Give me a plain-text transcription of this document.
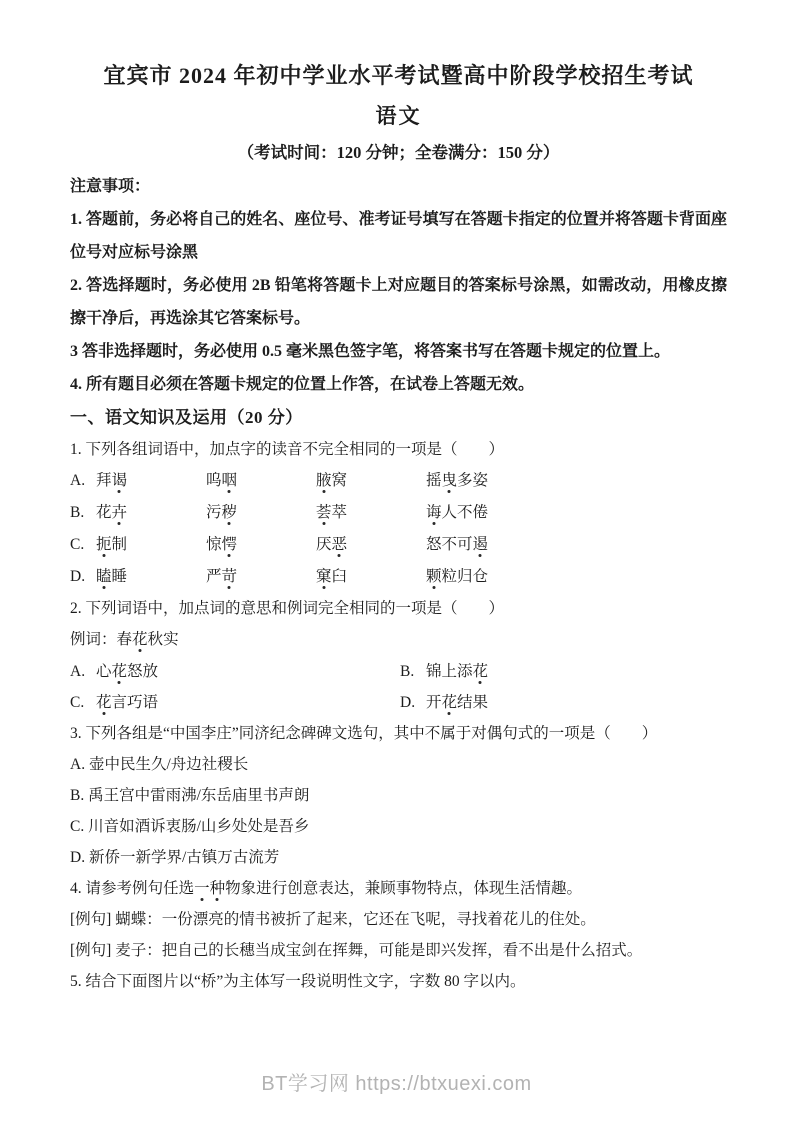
宜宾市 2024 年初中学业水平考试暨高中阶段学校招生考试
语文

（考试时间：120 分钟；全卷满分：150 分）

注意事项：

1. 答题前，务必将自己的姓名、座位号、准考证号填写在答题卡指定的位置并将答题卡背面座位号对应标号涂黑

2. 答选择题时，务必使用 2B 铅笔将答题卡上对应题目的答案标号涂黑，如需改动，用橡皮擦擦干净后，再选涂其它答案标号。

3 答非选择题时，务必使用 0.5 毫米黑色签字笔，将答案书写在答题卡规定的位置上。

4. 所有题目必须在答题卡规定的位置上作答，在试卷上答题无效。

一、语文知识及运用（20 分）

1. 下列各组词语中，加点字的读音不完全相同的一项是（　　）

A. 拜谒	呜咽	腋窝	摇曳多姿
B. 花卉	污秽	荟萃	诲人不倦
C. 扼制	惊愕	厌恶	怒不可遏
D. 瞌睡	严苛	窠臼	颗粒归仓

2. 下列词语中，加点词的意思和例词完全相同的一项是（　　）

例词： 春花秋实
A. 心花怒放	B. 锦上添花
C. 花言巧语	D. 开花结果

3. 下列各组是“中国李庄”同济纪念碑碑文选句，其中不属于对偶句式的一项是（　　）

A. 壶中民生久/舟边社稷长

B. 禹王宫中雷雨沸/东岳庙里书声朗

C. 川音如酒诉衷肠/山乡处处是吾乡

D. 新侨一新学界/古镇万古流芳

4. 请参考例句任选一种物象进行创意表达，兼顾事物特点，体现生活情趣。

[例句] 蝴蝶：一份漂亮的情书被折了起来，它还在飞呢，寻找着花儿的住处。

[例句] 麦子：把自己的长穗当成宝剑在挥舞，可能是即兴发挥，看不出是什么招式。

5. 结合下面图片以“桥”为主体写一段说明性文字，字数 80 字以内。

BT学习网 https://btxuexi.com
